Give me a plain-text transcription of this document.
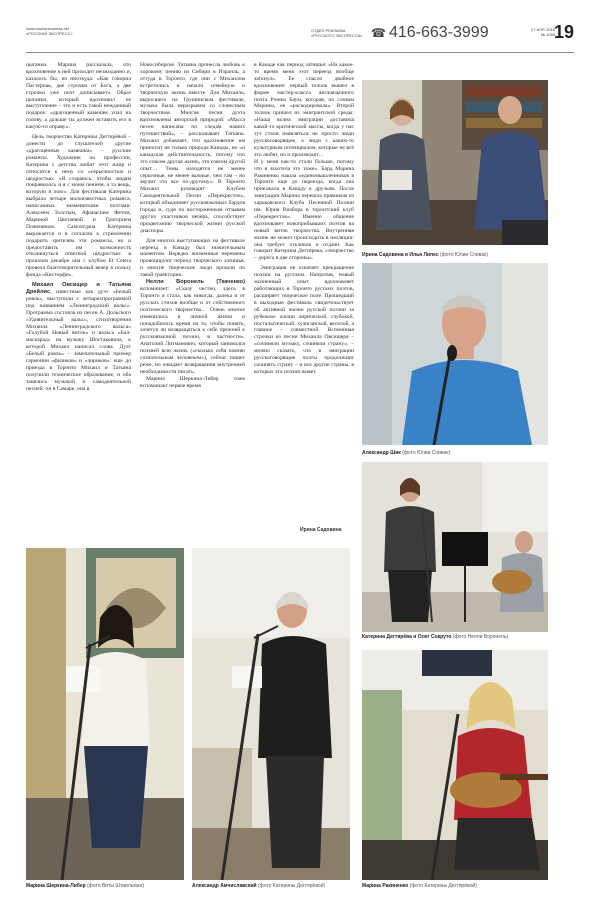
www.russianexpress.net
«РУССКИЙ ЭКСПРЕСС»
ОТДЕЛ РЕКЛАМЫ
«РУССКОГО ЭКСПРЕССА» ☎ 416-663-3999	27 АПР. 2018
№ 1055
19

цыганки. Марина рассказала, что вдохновение к ней приходит неожиданно и, казалось бы, из ниоткуда: «Как говорил Пастернак, две строчки от Бога, а две строчки уже поэт дописывает». Образ цыганки, который вдохновил ее выступление – это и есть такой нежданный подарок: «драгоценный камешек упал на голову, а дальше ты должен вставить его в какую-то оправу».

Цель творчества Катерины Дегтярёвой – донести до слушателей другие «драгоценные камешки» – русские романсы. Художник по профессии, Катерина с детства любит этот жанр и относится к нему со «серьезностью и щедростью: «Я стараюсь, чтобы людям понравилось и я с моим пением, а та вещь, которую я пою». Для фестиваля Катерина выбрала четыре малоизвестных романса, написанных знаменитыми поэтами: Алексеем Толстым, Афанасием Фетом, Мариной Цветаевой и Григорием Поженяном. Самоотдача Катерины выражается и в согласии к стремлении подарить зрителям эти романсы, но и предоставить им возможность откликнуться ответной щедростью: в прошлом декабре она с клубом Et Cetera провела благотворительный вечер в пользу фонда «Кисторфи».

Михаил Овсищер и Татьяна Дрейлис, известные как дуэт «Белый рояль», выступили с четырехпрограммой под названием «Ленинградский вальс». Программа состояла из песен А. Дольского «Удивительный вальс», стихотворения Михаила «Ленинградского вальса» «Голубой Новый виток» и вальса «Бал-маскарад» на музыку Шостаковича, к которой Михаил написал слова. Дуэт «Белый рояль» – замечательный пример гармонии «физиков» и «лириков»: еще до приезда в Торонто Михаил и Татьяна получили техническое образование, и оба занялись музыкой и самодеятельной песней: он в Самаре, она в

Новосибирске. Татьяна пронесла любовь к хоровому пению из Сибири в Израиль, а оттуда в Торонто, где они с Михаилом встретились и начали семейную и творческую жизнь вместе. Для Михаила, выросшего на Грушинском фестивале, музыка была неразрывна со словесным творчеством. Многие песни дуэта вдохновлены авторской природой: «Масса песен написана по следам наших путешествий», – рассказывает Татьяна. Михаил добавляет, что вдохновение им приносит не только природа Канады, но «и канадская действительность, потому что это совсем другая жизнь, это совсем другой опыт… Темы находятся не менее серьезные, не менее важные, чем там – но звучит это все по-другому». В Торонто Михаил руководит Клубом Самодеятельной Песни «Перекресток», который объединяет русскоязычных бардов города и, судя по восторженным отзывам других участников вечера, способствует процветанию творческой жизни русской диаспоры.

Для многих выступающих на фестивале переезд в Канаду был значительным моментом. Нередко жизненные перемены провоцируют период творческого затишья, и многие творческие люди прошли по такой траектории.

Нелли Воронель (Ткаченко) вспоминает: «Сказу честно, здесь в Торонто я стала, как никогда, далека и от русских стихов вообще и от собственного поэтического творчества… Очень многое изменилось в личной жизни и понадобилось время на то, чтобы понять, хочется ли возвращаться к себе прежней к русскоязычной поэзии, в частности». Анатолий Литманович, который занимался поэзией всю жизнь («сколько себя помню сознательным человеком»), сейчас пишет реже, но ожидает возвращения внутренней необходимости писать.

Марина Шеркина-Либер тоже вспоминает первое время

в Канаде как период затишья: «На какое-то время меня этот переезд вообще заткнул». Ее спасло двойное вдохновение: первый толчок вышел в форме мастер-класса англоязычного поэта Ронны Баум, которая, по словам Марины, ее «раскодировала». Второй толчок пришел из эмигрантской среды: «Наша волна эмиграции доставила какой-то критической массы, когда у нас тут стали появляться не просто люди русскоговорящие, а люди с каким-то культурным потенциалом, которые не всё это любят, но и производят…

И у меня как-то стали больше, потому что я захотела это тоже». Бард Марина Ракиненко нашла «единомышленников в Торонто еще до переезда, когда она приезжала в Канаду к друзьям. После эмиграции Марина перешла прямиком из харьковского Клуба Песенной Поэзии им. Юрия Визбора в торонтский клуб «Перекресток». Именно общение вдохновляет новоприбывших поэтов на новый виток творчества. Внутренняя жизнь не может происходить в изоляции: она требует откликов и отдачи. Как говорит Катерина Дегтярева, «творчество – дорога в две стороны».

Эмиграция не означает прекращение поэзии на русском. Напротив, новый жизненный опыт вдохновляет работающих в Торонто русских поэтов, расширяет творческое поле. Прошедший в выходные фестиваль свидетельствует об активной жизни русской поэзии за рубежом: жизни лирической, глубокой, ностальгической, хулиганской, веселой, а главное – совместной. Вспоминая строчки из песни Михаила Овсищера – «сочиняли музыку, сочиняли страну», – можно сказать, что в эмиграции русскоговорящие поэты продолжают сочинять страну – и все другие страны, в которых эта поэзия живет.

Ирина Садовина
Ирина Садовина и Илья Липес (фото Юлии Спивак)
Александр Шик (фото Юлии Спивак)
Катерина Дегтярёва и Олег Сокруто (фото Нелли Воронель)
Марина Шеркина-Либер (фото Виты Штиильман)	Александр Амчиславский (фото Катерины Дегтярёвой)	Марина Ракиненко (фото Катерины Дегтярёвой)
